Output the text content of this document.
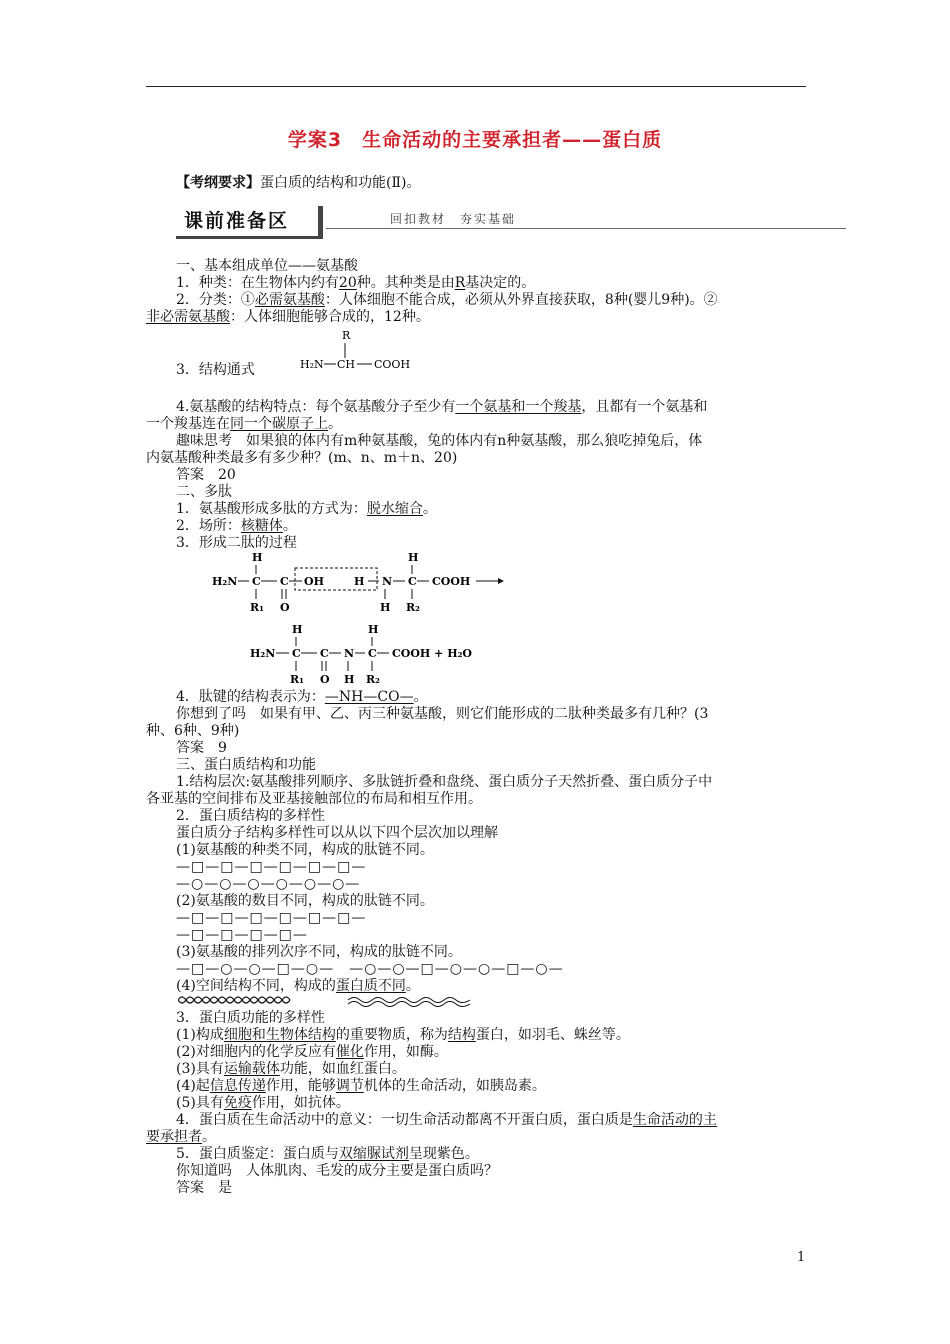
学案3　生命活动的主要承担者——蛋白质
【考纲要求】蛋白质的结构和功能(Ⅱ)。
课前准备区	回扣教材　夯实基础
一、基本组成单位——氨基酸
1．种类：在生物体内约有20种。其种类是由R基决定的。
2．分类：①必需氨基酸：人体细胞不能合成，必须从外界直接获取，8种(婴儿9种)。②
非必需氨基酸：人体细胞能够合成的，12种。
R
H₂N CH COOH
3．结构通式
4.氨基酸的结构特点：每个氨基酸分子至少有一个氨基和一个羧基，且都有一个氨基和
一个羧基连在同一个碳原子上。
趣味思考　如果狼的体内有m种氨基酸，兔的体内有n种氨基酸，那么狼吃掉兔后，体
内氨基酸种类最多有多少种？(m、n、m＋n、20)
答案　20
二、多肽
1．氨基酸形成多肽的方式为：脱水缩合。
2．场所：核糖体。
3．形成二肽的过程
H
H₂N C C OH	H N C
H
COOH
R₁ O	H R₂
H
H₂N C C N C
H
COOH + H₂O
R₁ O H R₂
4．肽键的结构表示为：—NH—CO—。
你想到了吗　如果有甲、乙、丙三种氨基酸，则它们能形成的二肽种类最多有几种？(3
种、6种、9种)
答案　9
三、蛋白质结构和功能
1.结构层次:氨基酸排列顺序、多肽链折叠和盘绕、蛋白质分子天然折叠、蛋白质分子中
各亚基的空间排布及亚基接触部位的布局和相互作用。
2．蛋白质结构的多样性
蛋白质分子结构多样性可以从以下四个层次加以理解
(1)氨基酸的种类不同，构成的肽链不同。
—□—□—□—□—□—□—
—○—○—○—○—○—○—
(2)氨基酸的数目不同，构成的肽链不同。
—□—□—□—□—□—□—
—□—□—□—□—
(3)氨基酸的排列次序不同，构成的肽链不同。
—□—○—○—□—○—　—○—○—□—○—○—□—○—
(4)空间结构不同，构成的蛋白质不同。
3．蛋白质功能的多样性
(1)构成细胞和生物体结构的重要物质，称为结构蛋白，如羽毛、蛛丝等。
(2)对细胞内的化学反应有催化作用，如酶。
(3)具有运输载体功能，如血红蛋白。
(4)起信息传递作用，能够调节机体的生命活动，如胰岛素。
(5)具有免疫作用，如抗体。
4．蛋白质在生命活动中的意义：一切生命活动都离不开蛋白质，蛋白质是生命活动的主
要承担者。
5．蛋白质鉴定：蛋白质与双缩脲试剂呈现紫色。
你知道吗　人体肌肉、毛发的成分主要是蛋白质吗？
答案　是
1
